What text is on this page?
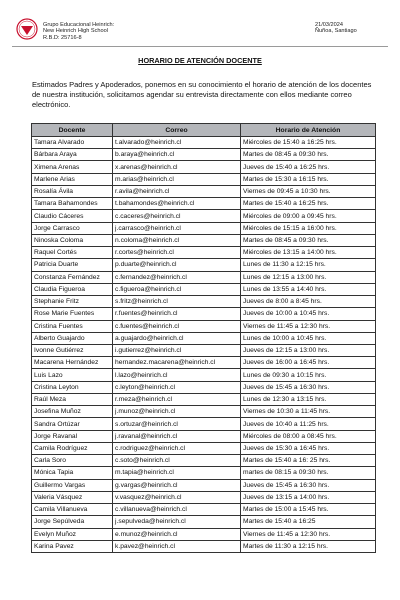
Grupo Educacional Heinrich:
New Heinrich High School
R.B.D: 25716-8
21/03/2024
Ñuñoa, Santiago
HORARIO DE ATENCIÓN DOCENTE
Estimados Padres y Apoderados, ponemos en su conocimiento el horario de atención de los docentes de nuestra institución, solicitamos agendar su entrevista directamente con ellos mediante correo electrónico.
Docente	Correo	Horario de Atención
Tamara Alvarado	t.alvarado@heinrich.cl	Miércoles de 15:40 a 16:25 hrs.
Bárbara Araya	b.araya@heinrich.cl	Martes de 08:45 a 09:30 hrs.
Ximena Arenas	x.arenas@heinrich.cl	Jueves de 15:40 a 16:25 hrs.
Marlene Arias	m.arias@heinrich.cl	Martes de 15:30 a 16:15 hrs.
Rosalía Ávila	r.avila@heinrich.cl	Viernes de 09:45 a 10:30 hrs.
Tamara Bahamondes	t.bahamondes@heinrich.cl	Martes de 15:40 a 16:25 hrs.
Claudio Cáceres	c.caceres@heinrich.cl	Miércoles de 09:00 a 09:45 hrs.
Jorge Carrasco	j.carrasco@heinrich.cl	Miércoles de 15:15 a 16:00 hrs.
Ninoska Coloma	n.coloma@heinrich.cl	Martes de 08:45 a 09:30 hrs.
Raquel Cortés	r.cortes@heinrich.cl	Miércoles de 13:15 a 14:00 hrs.
Patricia Duarte	p.duarte@heinrich.cl	Lunes de 11:30 a 12:15 hrs.
Constanza Fernández	c.fernandez@heinrich.cl	Lunes de 12:15 a 13:00 hrs.
Claudia Figueroa	c.figueroa@heinrich.cl	Lunes de 13:55 a 14:40 hrs.
Stephanie Fritz	s.fritz@heinrich.cl	Jueves de 8:00 a 8:45 hrs.
Rose Marie Fuentes	r.fuentes@heinrich.cl	Jueves de 10:00 a 10:45 hrs.
Cristina Fuentes	c.fuentes@heinrich.cl	Viernes de 11:45 a 12:30 hrs.
Alberto Guajardo	a.guajardo@heinrich.cl	Lunes de 10:00 a 10:45 hrs.
Ivonne Gutiérrez	i.gutierrez@heinrich.cl	Jueves de 12:15 a 13:00 hrs.
Macarena Hernández	hernandez.macarena@heinrich.cl	Jueves de 16:00 a 16:45 hrs.
Luis Lazo	l.lazo@heinrich.cl	Lunes de 09:30 a 10:15 hrs.
Cristina Leyton	c.leyton@heinrich.cl	Jueves de 15:45 a 16:30 hrs.
Raúl Meza	r.meza@heinrich.cl	Lunes de 12:30 a 13:15 hrs.
Josefina Muñoz	j.munoz@heinrich.cl	Viernes de 10:30 a 11:45 hrs.
Sandra Ortúzar	s.ortuzar@heinrich.cl	Jueves de 10:40 a 11:25 hrs.
Jorge Ravanal	j.ravanal@heinrich.cl	Miércoles de 08:00 a 08:45 hrs.
Camila Rodríguez	c.rodriguez@heinrich.cl	Jueves de 15:30 a 16:45 hrs.
Carla Soro	c.soto@heinrich.cl	Martes de 15:40 a 16: 25 hrs.
Mónica Tapia	m.tapia@heinrich.cl	martes de 08:15 a 09:30 hrs.
Guillermo Vargas	g.vargas@heinrich.cl	Jueves de 15:45 a 16:30 hrs.
Valeria Vásquez	v.vasquez@heinrich.cl	Jueves de 13:15 a 14:00 hrs.
Camila Villanueva	c.villanueva@heinrich.cl	Martes de 15:00 a 15:45 hrs.
Jorge Sepúlveda	j.sepulveda@heinrich.cl	Martes de 15:40 a 16:25
Evelyn Muñoz	e.munoz@heinrich.cl	Viernes de 11:45 a 12:30 hrs.
Karina Pavez	k.pavez@heinrich.cl	Martes de 11:30 a 12:15 hrs.
